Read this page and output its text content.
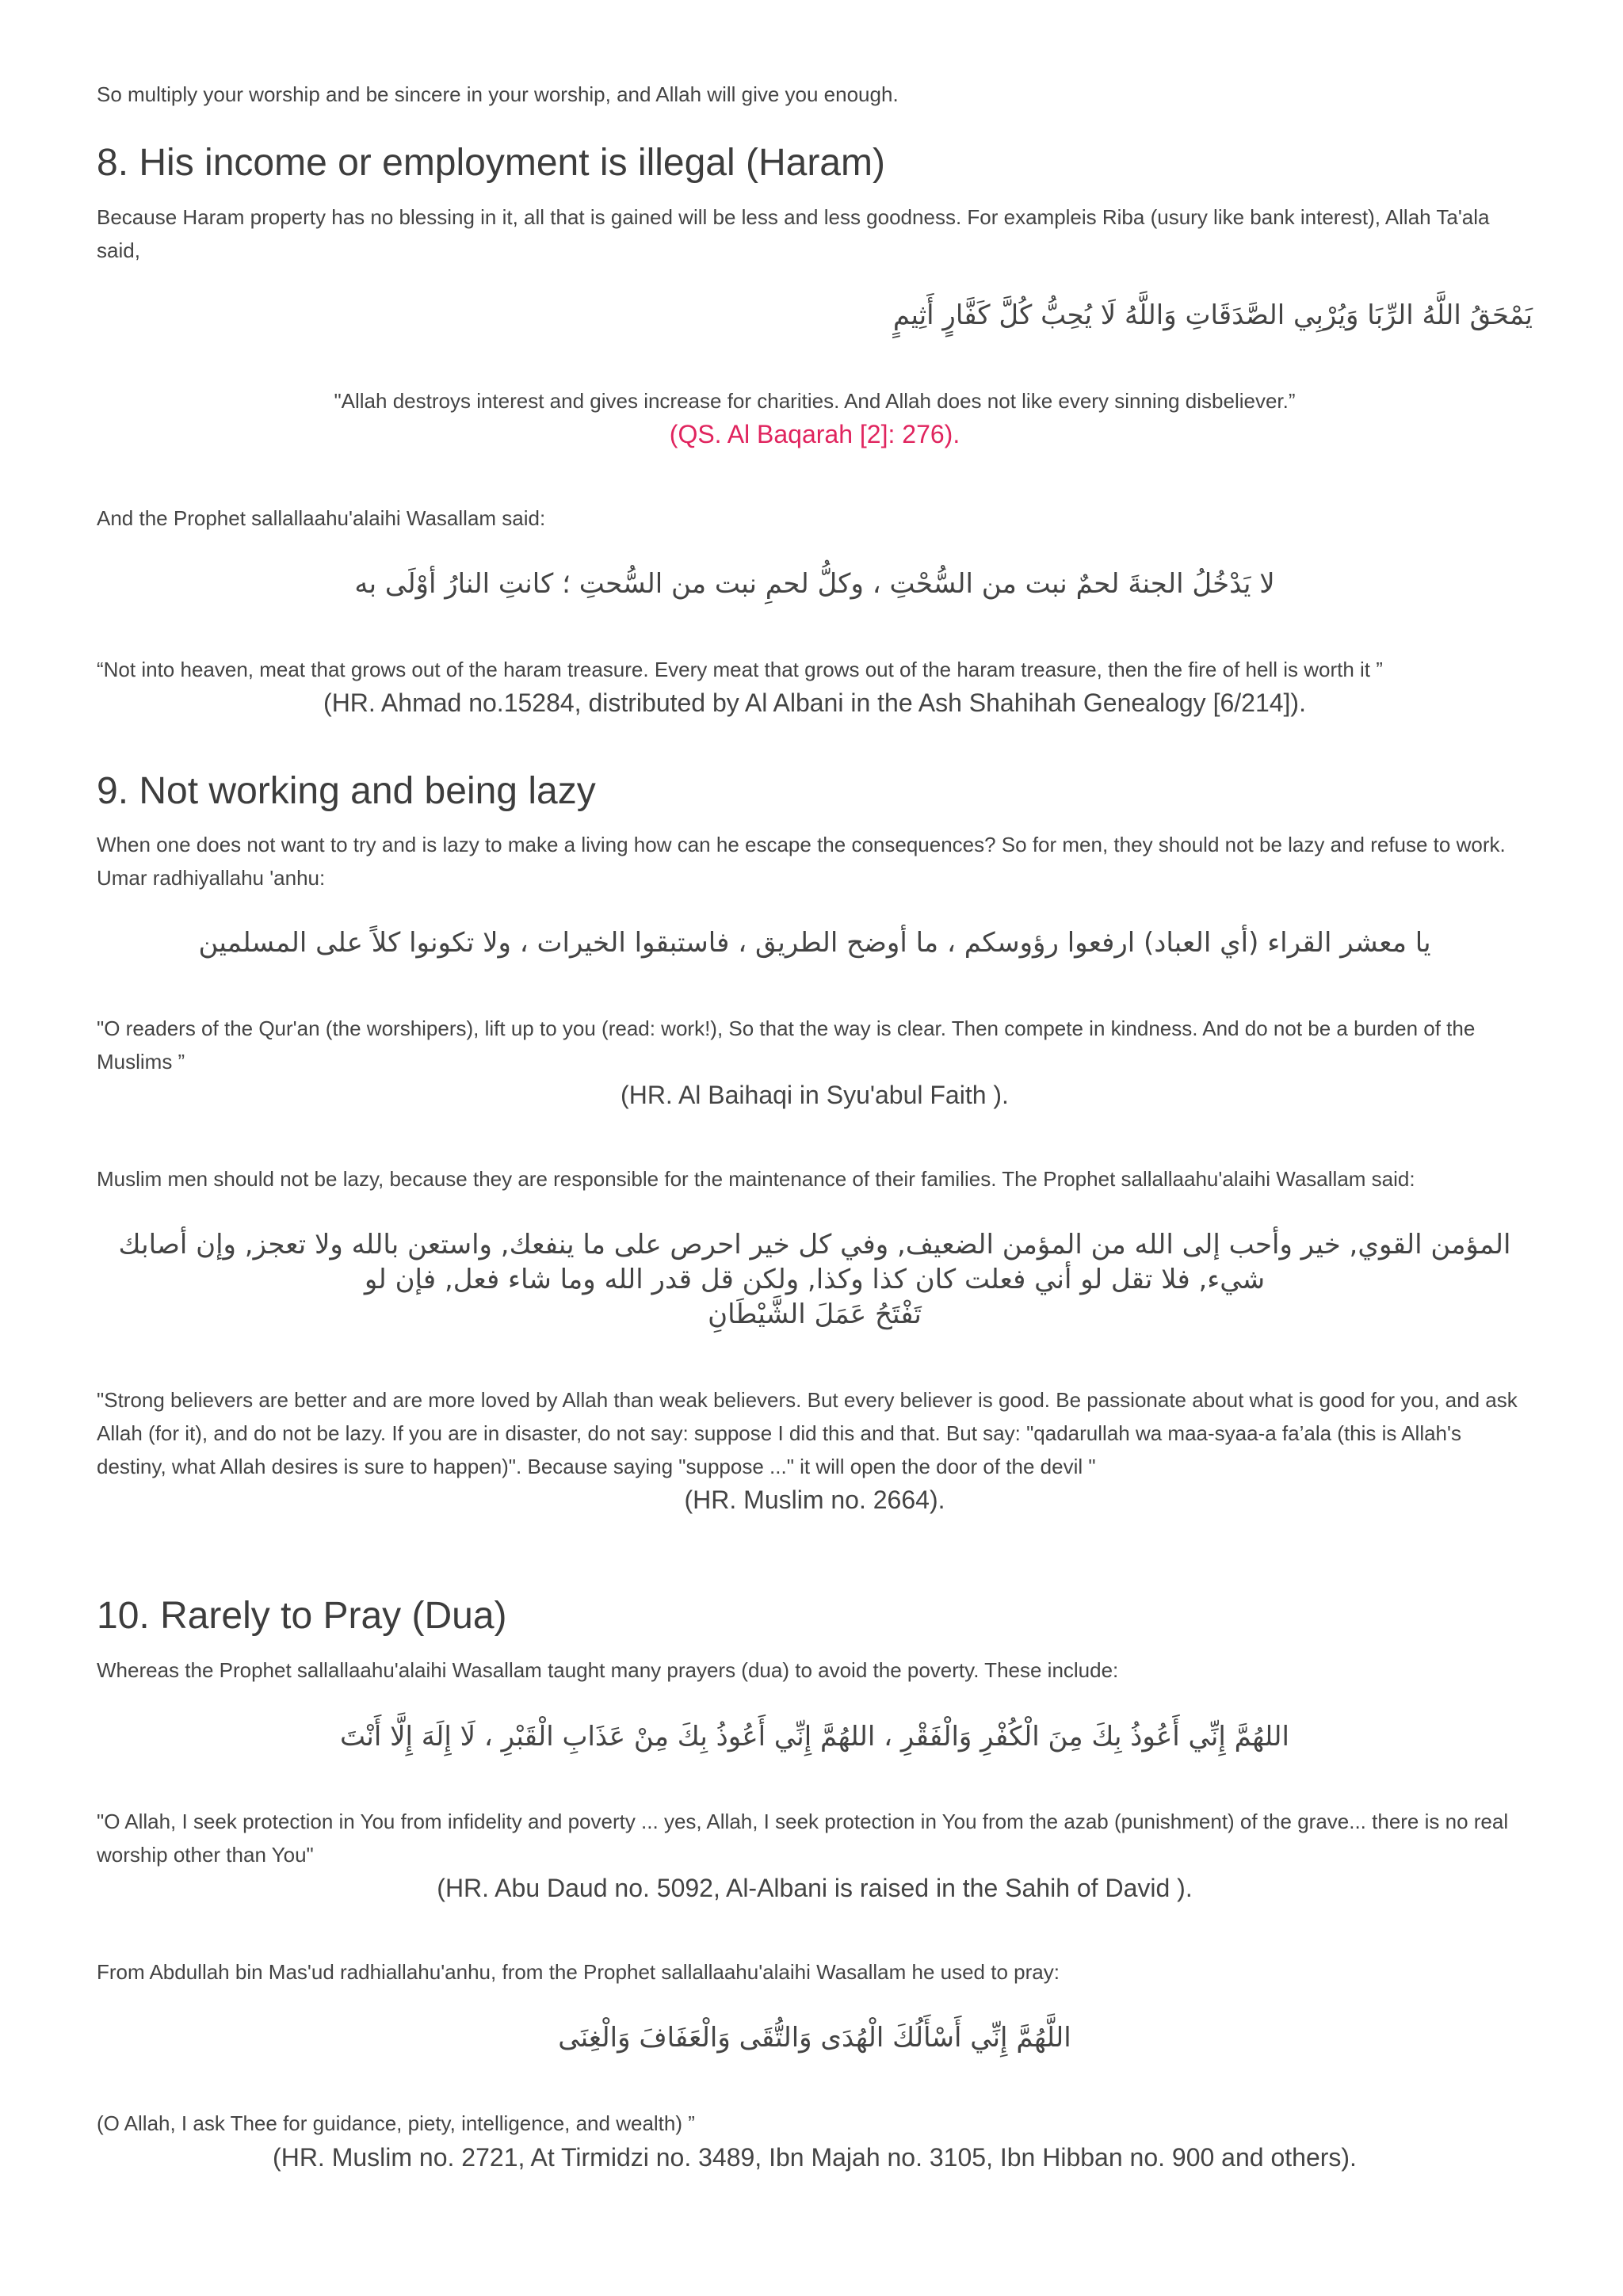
So multiply your worship and be sincere in your worship, and Allah will give you enough.

8. His income or employment is illegal (Haram)

Because Haram property has no blessing in it, all that is gained will be less and less goodness. For exampleis Riba (usury like bank interest), Allah Ta'ala said,

يَمْحَقُ اللَّهُ الرِّبَا وَيُرْبِي الصَّدَقَاتِ وَاللَّهُ لَا يُحِبُّ كُلَّ كَفَّارٍ أَثِيمٍ

"Allah destroys interest and gives increase for charities. And Allah does not like every sinning disbeliever.”

(QS. Al Baqarah [2]: 276).

And the Prophet sallallaahu'alaihi Wasallam said:

لا يَدْخُلُ الجنةَ لحمٌ نبت من السُّحْتِ ، وكلُّ لحمِ نبت من السُّحتِ ؛ كانتِ النارُ أوْلَى به

“Not into heaven, meat that grows out of the haram treasure. Every meat that grows out of the haram treasure, then the fire of hell is worth it ”

(HR. Ahmad no.15284, distributed by Al Albani in the Ash Shahihah Genealogy [6/214]).

9. Not working and being lazy

When one does not want to try and is lazy to make a living how can he escape the consequences? So for men, they should not be lazy and refuse to work. Umar radhiyallahu 'anhu:

يا معشر القراء (أي العباد) ارفعوا رؤوسكم ، ما أوضح الطريق ، فاستبقوا الخيرات ، ولا تكونوا كلاً على المسلمين

"O readers of the Qur'an (the worshipers), lift up to you (read: work!), So that the way is clear. Then compete in kindness. And do not be a burden of the Muslims ”

(HR. Al Baihaqi in Syu'abul Faith ).

Muslim men should not be lazy, because they are responsible for the maintenance of their families. The Prophet sallallaahu'alaihi Wasallam said:

المؤمن القوي, خير وأحب إلى الله من المؤمن الضعيف, وفي كل خير احرص على ما ينفعك, واستعن بالله ولا تعجز, وإن أصابك

شيء, فلا تقل لو أني فعلت كان كذا وكذا, ولكن قل قدر الله وما شاء فعل, فإن لو

تَفْتَحُ عَمَلَ الشَّيْطَانِ

"Strong believers are better and are more loved by Allah than weak believers. But every believer is good. Be passionate about what is good for you, and ask Allah (for it), and do not be lazy. If you are in disaster, do not say: suppose I did this and that. But say: "qadarullah wa maa-syaa-a fa’ala (this is Allah's destiny, what Allah desires is sure to happen)". Because saying "suppose ..." it will open the door of the devil "

(HR. Muslim no. 2664).

10. Rarely to Pray (Dua)

Whereas the Prophet sallallaahu'alaihi Wasallam taught many prayers (dua) to avoid the poverty. These include:

اللهُمَّ إِنِّي أَعُوذُ بِكَ مِنَ الْكُفْرِ وَالْفَقْرِ ، اللهُمَّ إِنِّي أَعُوذُ بِكَ مِنْ عَذَابِ الْقَبْرِ ، لَا إِلَهَ إِلَّا أَنْتَ

"O Allah, I seek protection in You from infidelity and poverty ... yes, Allah, I seek protection in You from the azab (punishment) of the grave... there is no real worship other than You"

(HR. Abu Daud no. 5092, Al-Albani is raised in the Sahih of David ).

From Abdullah bin Mas'ud radhiallahu'anhu, from the Prophet sallallaahu'alaihi Wasallam he used to pray:

اللَّهُمَّ إِنِّي أَسْأَلُكَ الْهُدَى وَالتُّقَى وَالْعَفَافَ وَالْغِنَى

(O Allah, I ask Thee for guidance, piety, intelligence, and wealth) ”

(HR. Muslim no. 2721, At Tirmidzi no. 3489, Ibn Majah no. 3105, Ibn Hibban no. 900 and others).
